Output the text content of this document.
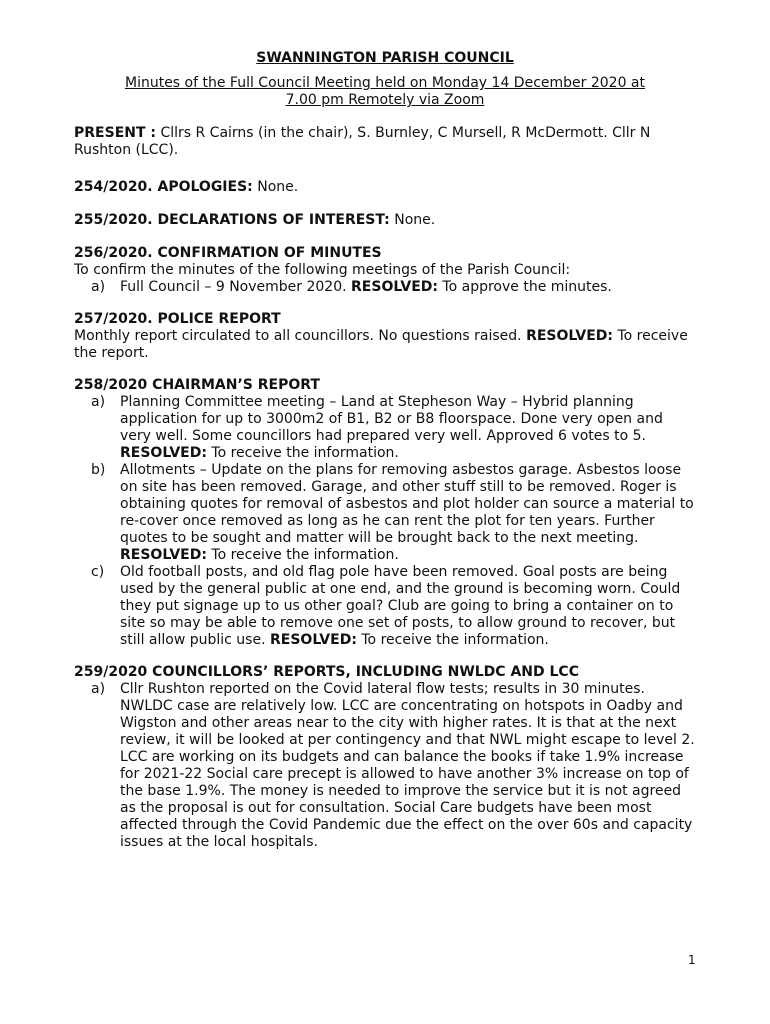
SWANNINGTON PARISH COUNCIL

Minutes of the Full Council Meeting held on Monday 14 December 2020 at

7.00 pm Remotely via Zoom

PRESENT : Cllrs R Cairns (in the chair), S. Burnley, C Mursell, R McDermott. Cllr N Rushton (LCC).

254/2020. APOLOGIES: None.

255/2020. DECLARATIONS OF INTEREST: None.

256/2020. CONFIRMATION OF MINUTES

To confirm the minutes of the following meetings of the Parish Council:

a) Full Council – 9 November 2020. RESOLVED: To approve the minutes.

257/2020. POLICE REPORT

Monthly report circulated to all councillors. No questions raised. RESOLVED: To receive the report.

258/2020 CHAIRMAN’S REPORT

a) Planning Committee meeting – Land at Stepheson Way – Hybrid planning application for up to 3000m2 of B1, B2 or B8 floorspace. Done very open and very well. Some councillors had prepared very well. Approved 6 votes to 5. RESOLVED: To receive the information.
b) Allotments – Update on the plans for removing asbestos garage. Asbestos loose on site has been removed. Garage, and other stuff still to be removed. Roger is obtaining quotes for removal of asbestos and plot holder can source a material to re-cover once removed as long as he can rent the plot for ten years. Further quotes to be sought and matter will be brought back to the next meeting. RESOLVED: To receive the information.
c) Old football posts, and old flag pole have been removed. Goal posts are being used by the general public at one end, and the ground is becoming worn. Could they put signage up to us other goal? Club are going to bring a container on to site so may be able to remove one set of posts, to allow ground to recover, but still allow public use. RESOLVED: To receive the information.

259/2020 COUNCILLORS’ REPORTS, INCLUDING NWLDC AND LCC

a) Cllr Rushton reported on the Covid lateral flow tests; results in 30 minutes. NWLDC case are relatively low. LCC are concentrating on hotspots in Oadby and Wigston and other areas near to the city with higher rates. It is that at the next review, it will be looked at per contingency and that NWL might escape to level 2.

LCC are working on its budgets and can balance the books if take 1.9% increase for 2021-22 Social care precept is allowed to have another 3% increase on top of the base 1.9%. The money is needed to improve the service but it is not agreed as the proposal is out for consultation. Social Care budgets have been most affected through the Covid Pandemic due the effect on the over 60s and capacity issues at the local hospitals.

1
